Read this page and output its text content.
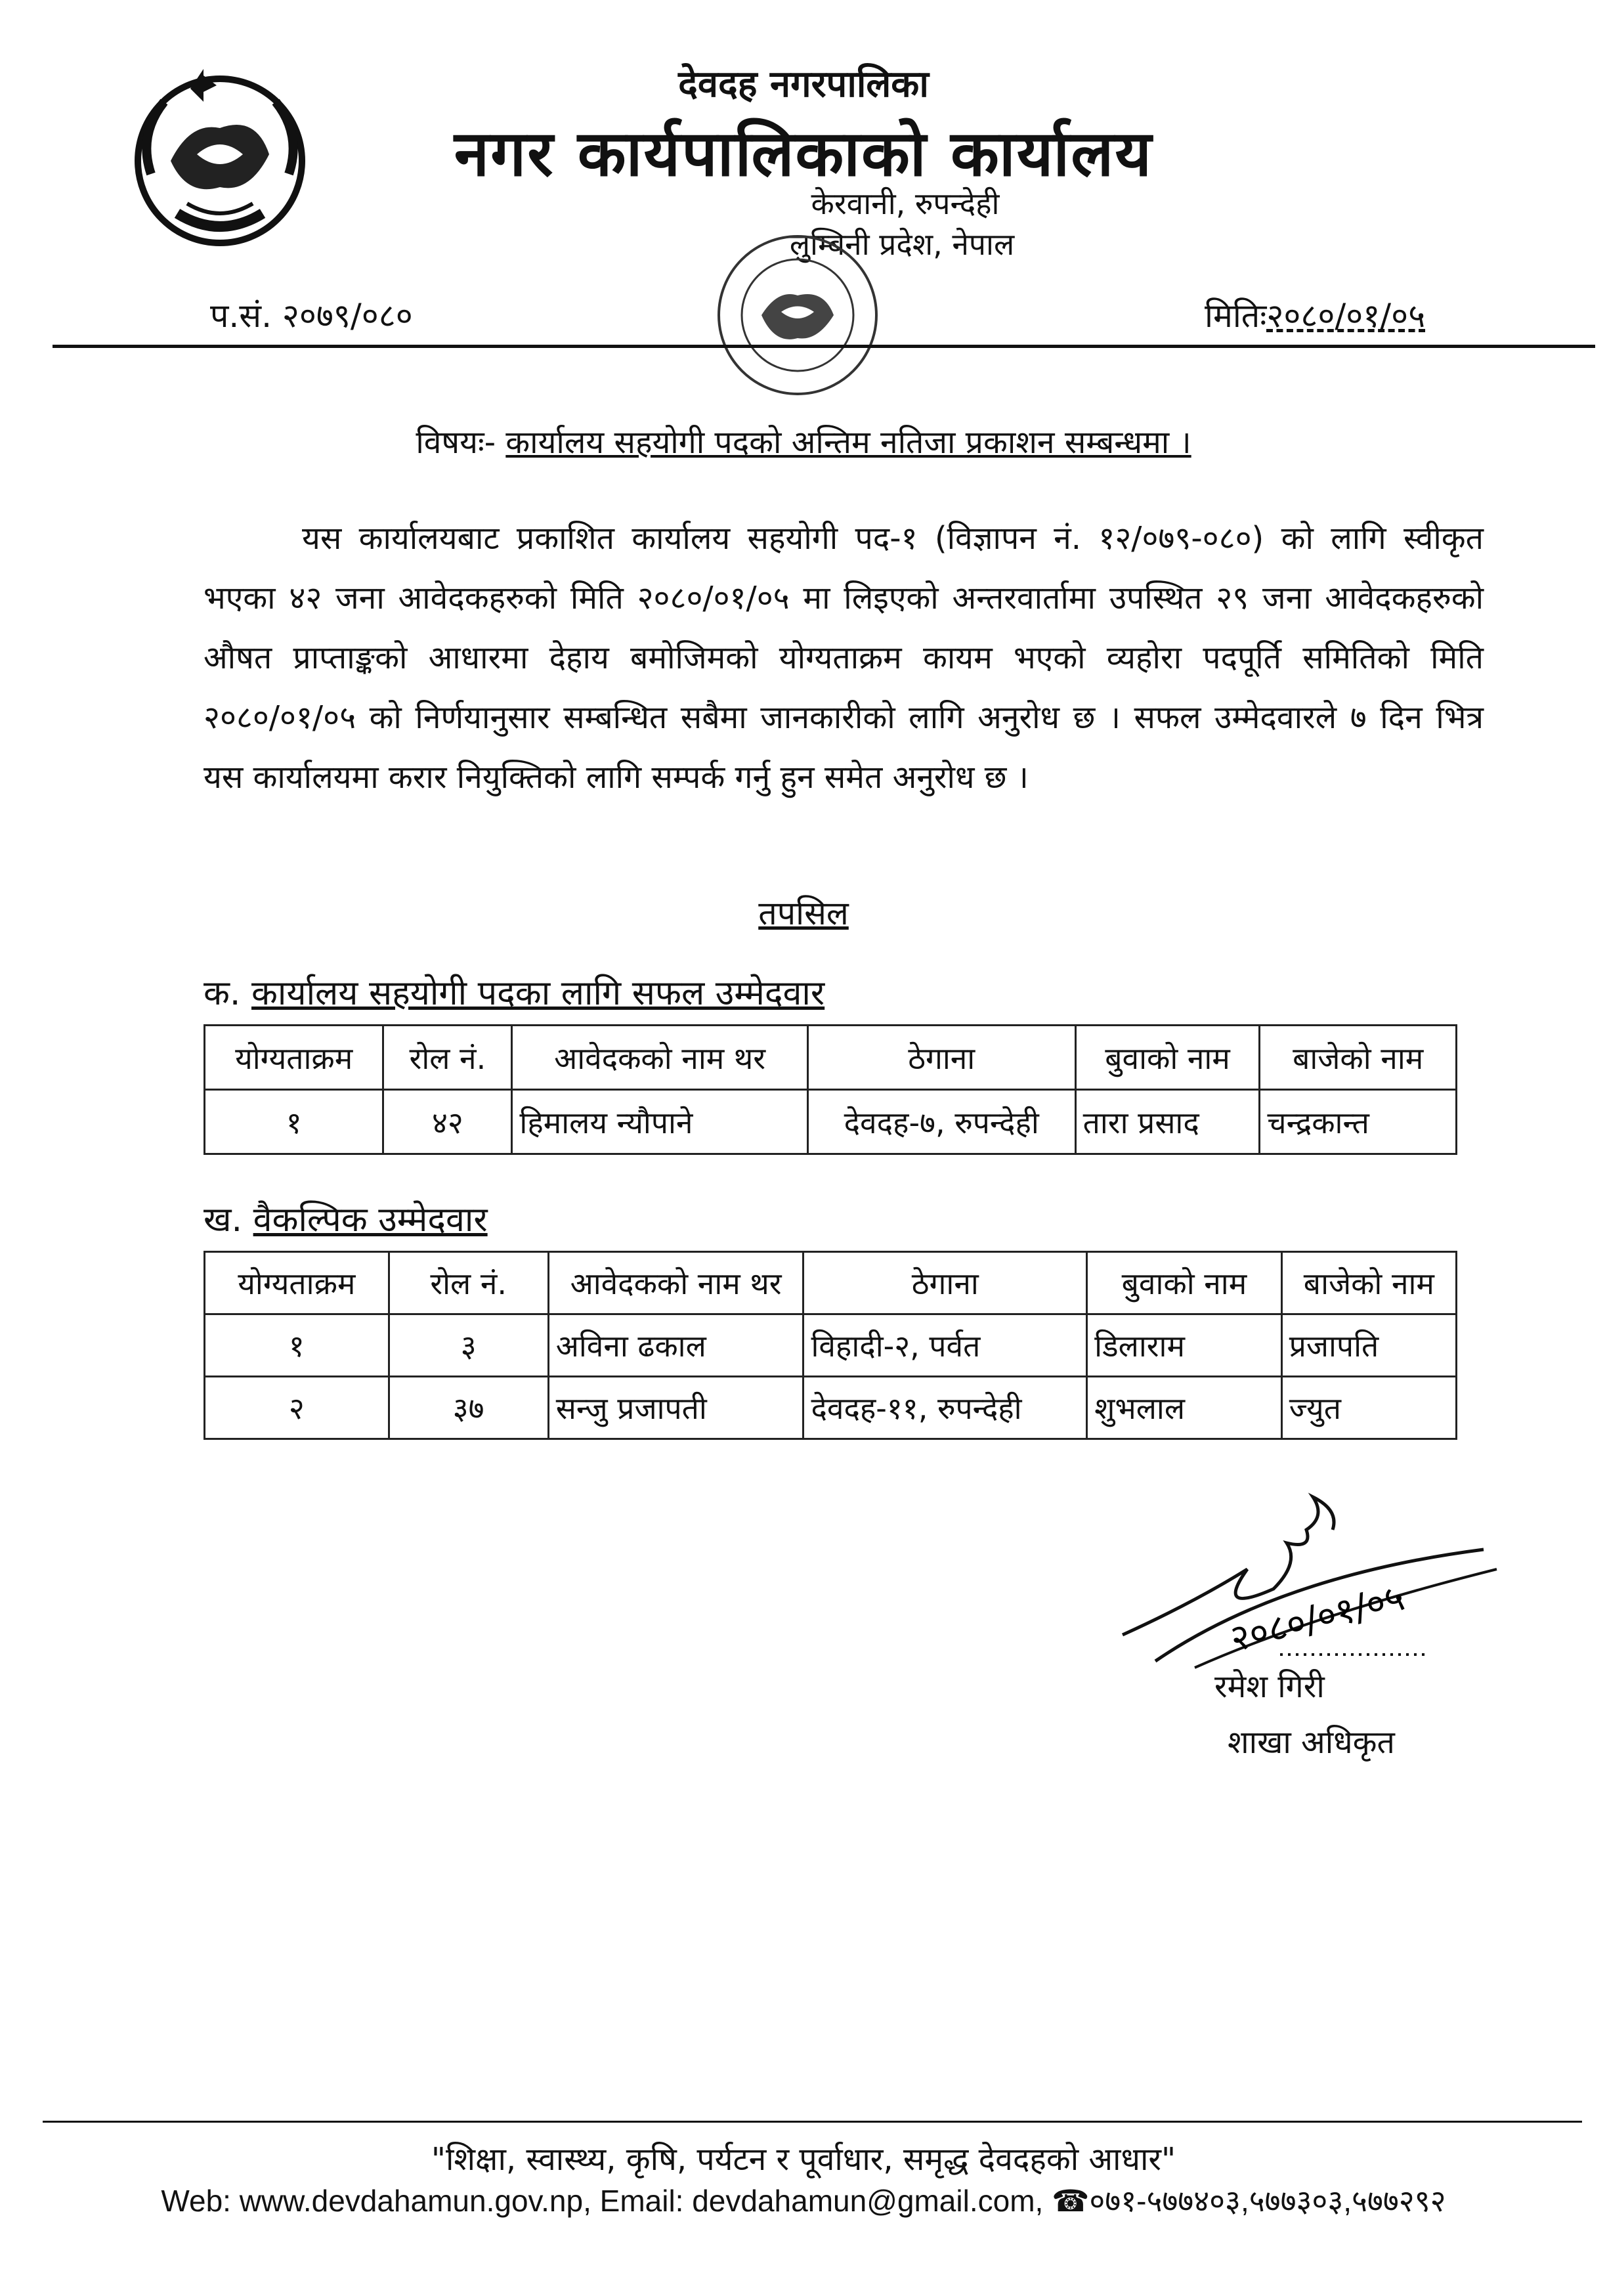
देवदह नगरपालिका
नगर कार्यपालिकाको कार्यालय
केरवानी, रुपन्देही
लुम्बिनी प्रदेश, नेपाल
प.सं. २०७९/०८०	मितिः२०८०/०१/०५
विषयः- कार्यालय सहयोगी पदको अन्तिम नतिजा प्रकाशन सम्बन्धमा ।
यस कार्यालयबाट प्रकाशित कार्यालय सहयोगी पद-१ (विज्ञापन नं. १२/०७९-०८०) को लागि स्वीकृत भएका ४२ जना आवेदकहरुको मिति २०८०/०१/०५ मा लिइएको अन्तरवार्तामा उपस्थित २९ जना आवेदकहरुको औषत प्राप्ताङ्कको आधारमा देहाय बमोजिमको योग्यताक्रम कायम भएको व्यहोरा पदपूर्ति समितिको मिति २०८०/०१/०५ को निर्णयानुसार सम्बन्धित सबैमा जानकारीको लागि अनुरोध छ । सफल उम्मेदवारले ७ दिन भित्र यस कार्यालयमा करार नियुक्तिको लागि सम्पर्क गर्नु हुन समेत अनुरोध छ ।
तपसिल
क. कार्यालय सहयोगी पदका लागि सफल उम्मेदवार
योग्यताक्रम	रोल नं.	आवेदकको नाम थर	ठेगाना	बुवाको नाम	बाजेको नाम
१	४२	हिमालय न्यौपाने	देवदह-७, रुपन्देही	तारा प्रसाद	चन्द्रकान्त
ख. वैकल्पिक उम्मेदवार
योग्यताक्रम	रोल नं.	आवेदकको नाम थर	ठेगाना	बुवाको नाम	बाजेको नाम
१	३	अविना ढकाल	विहादी-२, पर्वत	डिलाराम	प्रजापति
२	३७	सन्जु प्रजापती	देवदह-११, रुपन्देही	शुभलाल	ज्युत
२०८०/०१/०५
रमेश गिरी
शाखा अधिकृत
"शिक्षा, स्वास्थ्य, कृषि, पर्यटन र पूर्वाधार, समृद्ध देवदहको आधार"
Web: www.devdahamun.gov.np, Email: devdahamun@gmail.com, ☎०७१-५७७४०३,५७७३०३,५७७२९२
